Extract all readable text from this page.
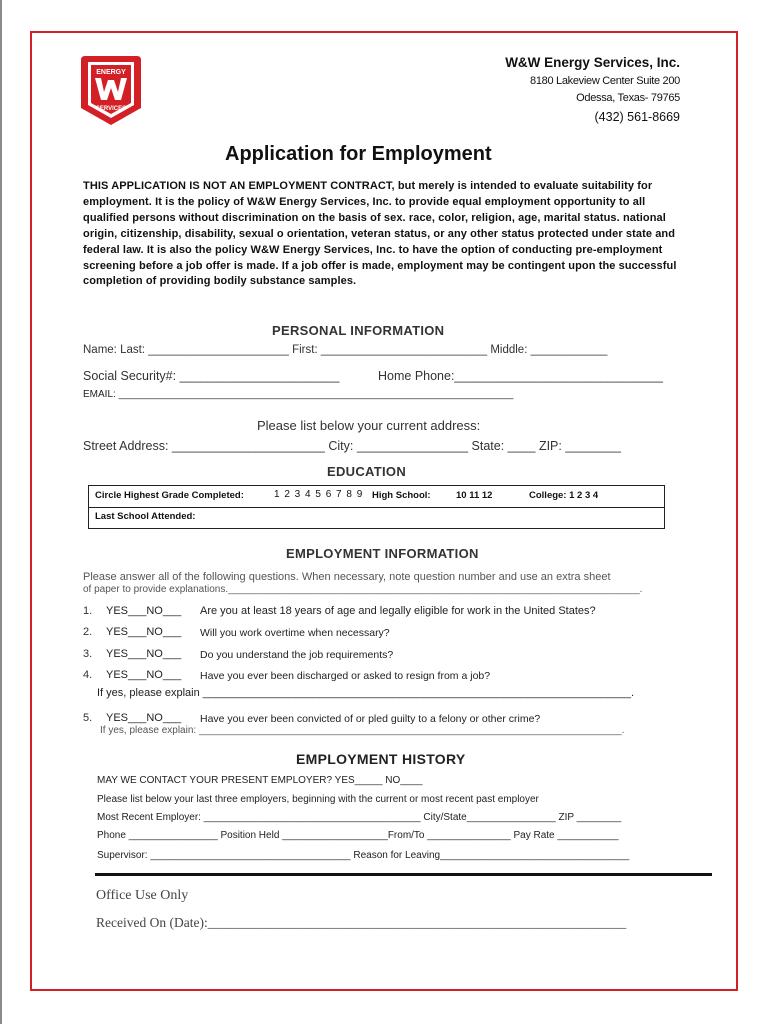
ENERGY
SERVICES
W&W Energy Services, Inc.
8180 Lakeview Center Suite 200
Odessa, Texas- 79765
(432) 561-8669
Application for Employment
THIS APPLICATION IS NOT AN EMPLOYMENT CONTRACT, but merely is intended to evaluate suitability for employment. It is the policy of W&W Energy Services, Inc. to provide equal employment opportunity to all qualified persons without discrimination on the basis of sex. race, color, religion, age, marital status. national origin, citizenship, disability, sexual o orientation, veteran status, or any other status protected under state and federal law. It is also the policy W&W Energy Services, Inc. to have the option of conducting pre-employment screening before a job offer is made. If a job offer is made, employment may be contingent upon the successful completion of providing bodily substance samples.
PERSONAL INFORMATION
Name: Last: ______________________ First: __________________________ Middle: ____________
Social Security#: _______________________	Home Phone:______________________________
EMAIL: _______________________________________________________________________
Please list below your current address:
Street Address: ______________________ City: ________________ State: ____ ZIP: ________
EDUCATION
Circle Highest Grade Completed:	1 2 3 4 5 6 7 8 9 High School:	10 11 12	College: 1 2 3 4
Last School Attended:
EMPLOYMENT INFORMATION
Please answer all of the following questions. When necessary, note question number and use an extra sheet
of paper to provide explanations.__________________________________________________________________________.
1. YES___NO___ Are you at least 18 years of age and legally eligible for work in the United States?
2. YES___NO___ Will you work overtime when necessary?
3. YES___NO___ Do you understand the job requirements?
4. YES___NO___ Have you ever been discharged or asked to resign from a job?
If yes, please explain ______________________________________________________________________.
5. YES___NO___ Have you ever been convicted of or pled guilty to a felony or other crime?
If yes, please explain: ____________________________________________________________________________.
EMPLOYMENT HISTORY
MAY WE CONTACT YOUR PRESENT EMPLOYER? YES_____ NO____
Please list below your last three employers, beginning with the current or most recent past employer
Most Recent Employer: _______________________________________ City/State________________ ZIP ________
Phone ________________ Position Held ___________________From/To _______________ Pay Rate ___________
Supervisor: ____________________________________ Reason for Leaving__________________________________
Office Use Only
Received On (Date):______________________________________________________________
